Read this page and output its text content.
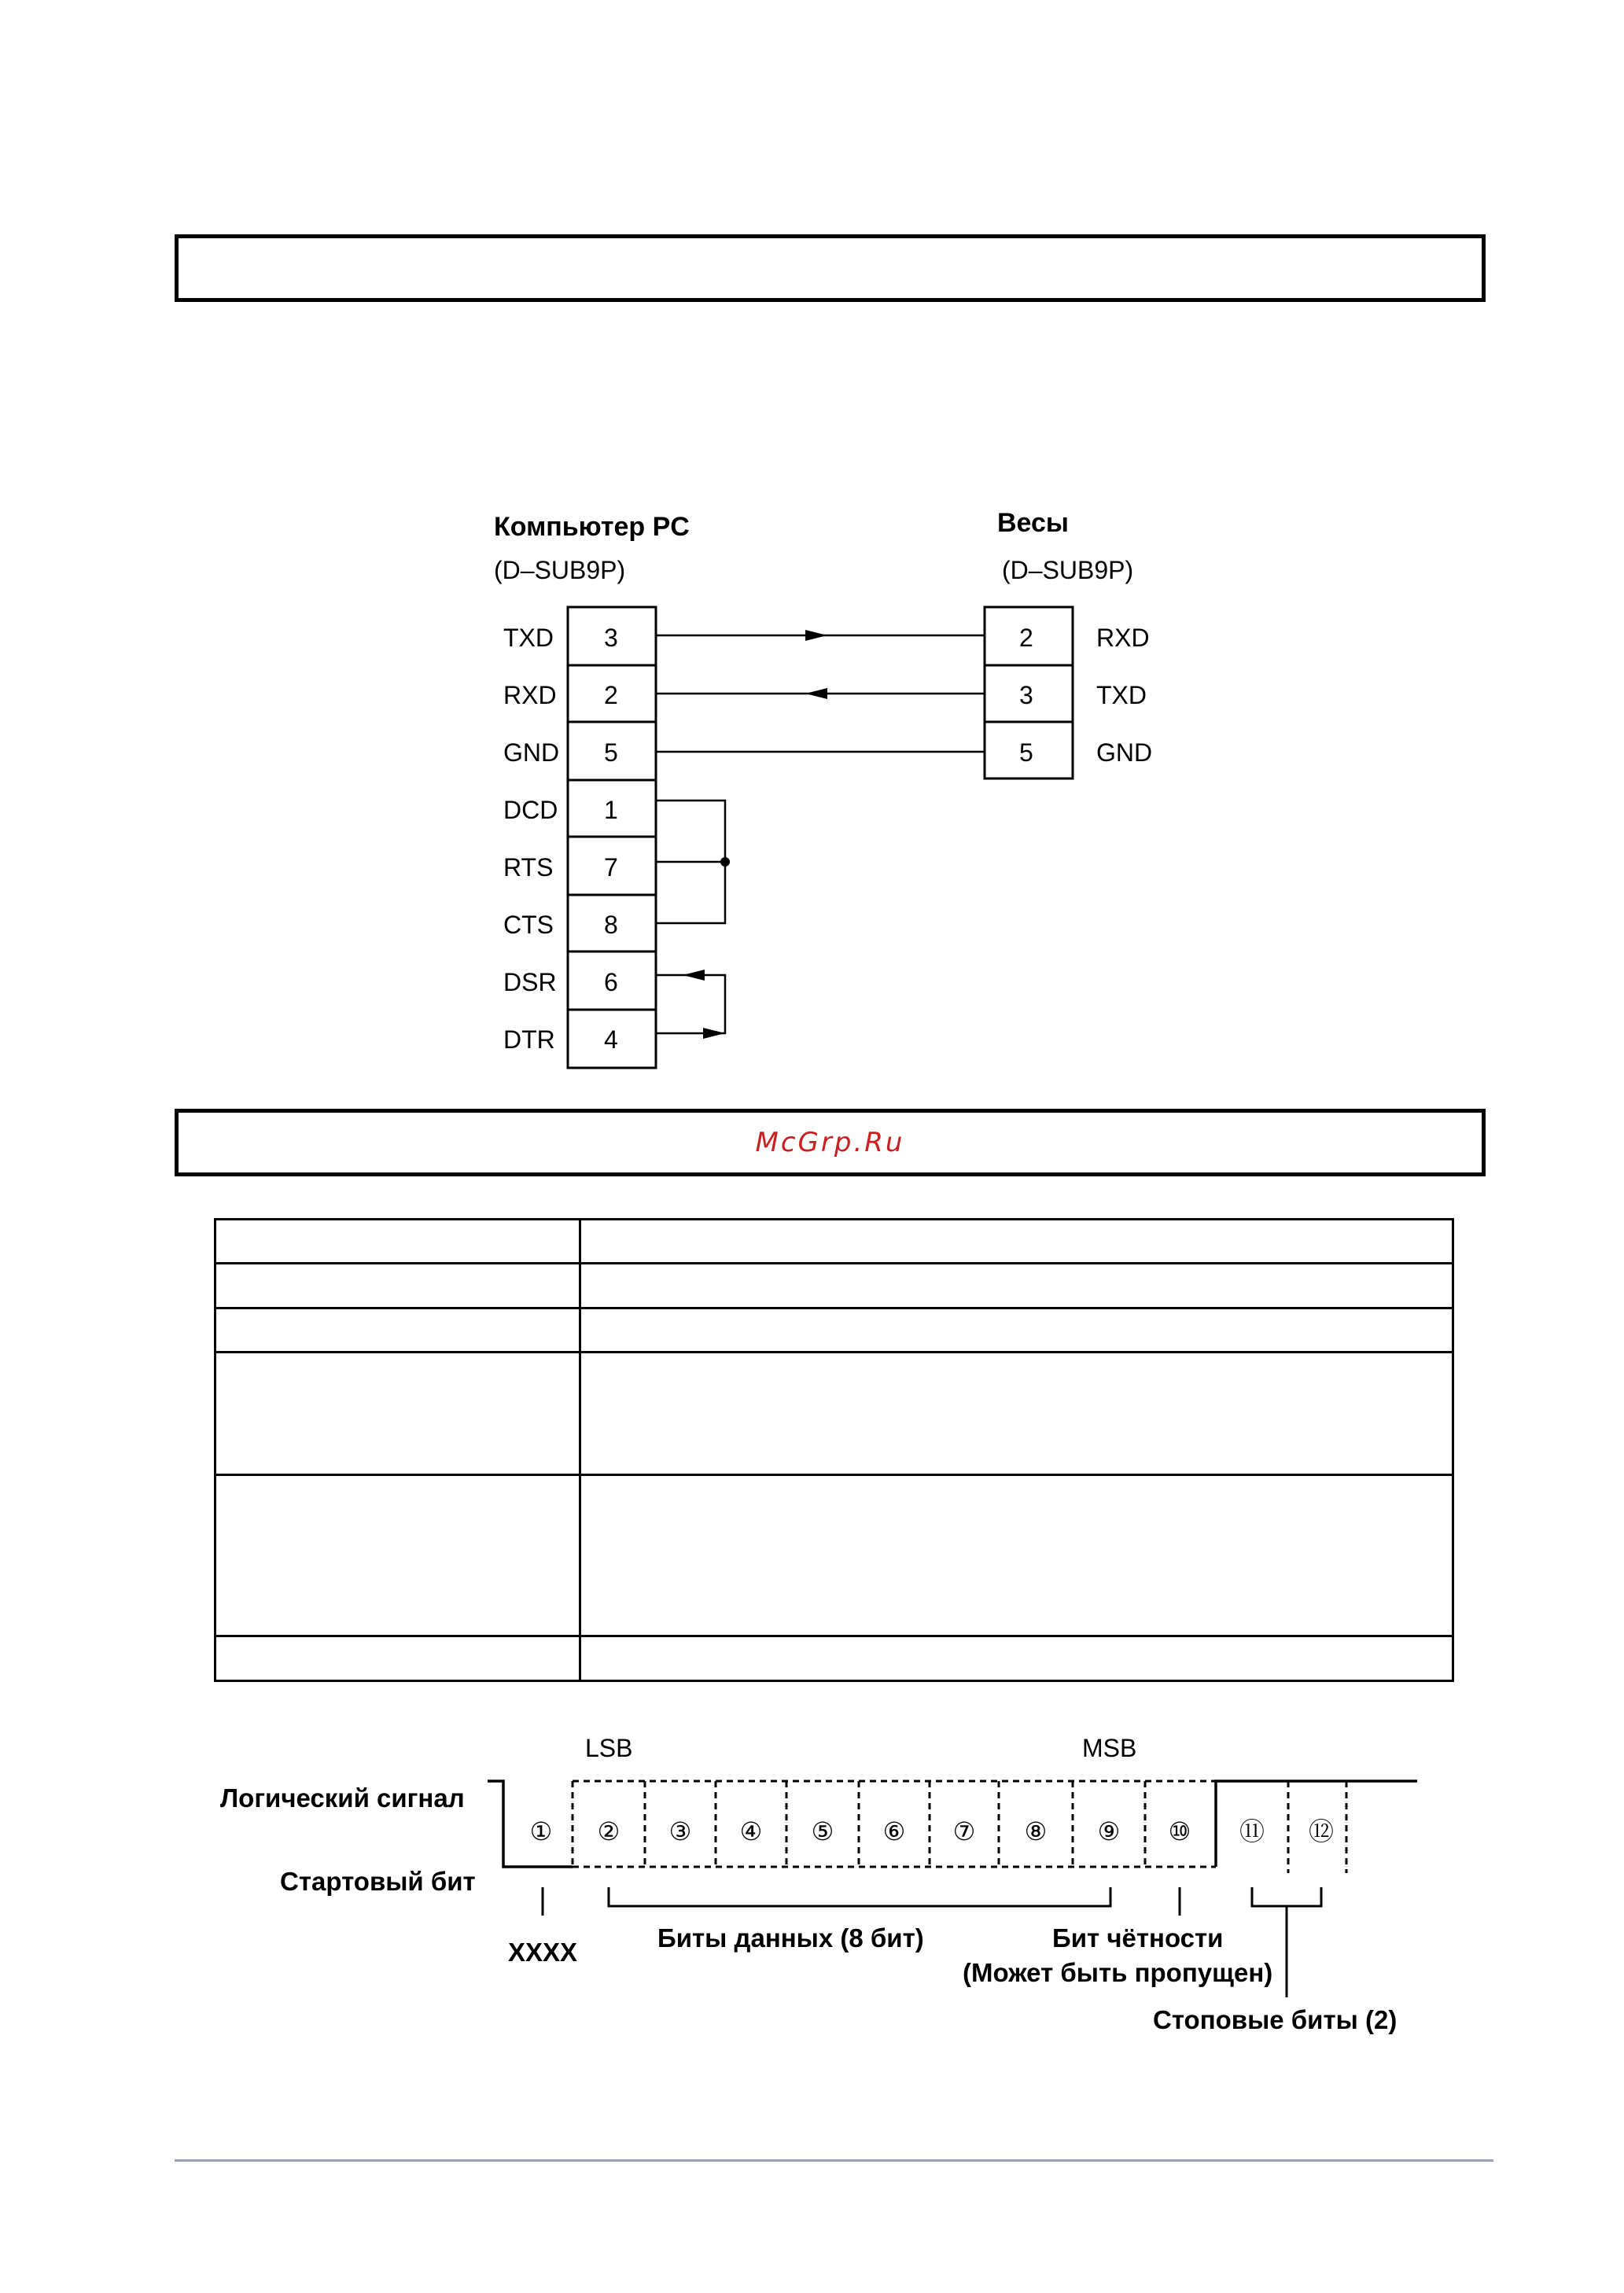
McGrp.Ru
Компьютер PC
(D–SUB9P)
Весы
(D–SUB9P)
TXD 3
RXD 2
GND 5
DCD 1
RTS 7
CTS 8
DSR 6
DTR 4
2	RXD
3	TXD
5	GND

LSB	MSB
Логический сигнал
Стартовый бит
XXXX	Биты данных (8 бит)	Бит чётности
(Может быть пропущен)
Стоповые биты (2)
① ② ③ ④ ⑤ ⑥ ⑦ ⑧ ⑨ ⑩ ⑪ ⑫
